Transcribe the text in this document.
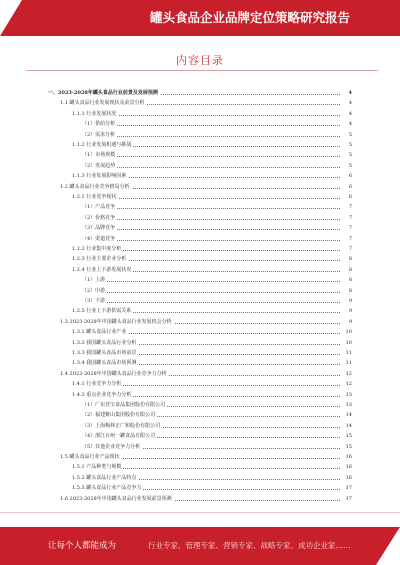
罐头食品企业品牌定位策略研究报告
内容目录
一、2023-2028年罐头食品行业前景及发展预测	4
1.1 罐头食品行业发展现状及前景分析	4
1.1.1 行业发展状况	4
（1）供给分析	4
（2）需求分析	5
1.1.2 行业发展机遇与挑战	5
（1）市场规模	5
（2）发展趋势	5
1.1.3 行业发展影响因素	6
1.2 罐头食品行业竞争格局分析	6
1.2.1 行业竞争现状	6
（1）产品竞争	7
（2）价格竞争	7
（3）品牌竞争	7
（4）渠道竞争	7
1.2.2 行业集中度分析	7
1.2.3 行业主要企业分析	8
1.2.4 行业上下游发展状况	8
（1）上游	8
（2）中游	8
（3）下游	9
1.2.5 行业上下游供需关系	9
1.3 2023-2028年中国罐头食品行业发展机会分析	9
1.3.1 罐头食品行业产业	10
1.3.2 我国罐头食品行业分析	10
1.3.3 我国罐头食品市场前景	11
1.3.4 我国罐头食品市场预测	11
1.4 2023-2028年中国罐头食品行业竞争力分析	12
1.4.1 行业竞争力分析	12
1.4.2 重点企业竞争力分析	13
（1）广东佳宝食品集团股份有限公司	13
（2）福建紫山集团股份有限公司	14
（3）上海梅林正广和股份有限公司	14
（4）浙江台州一罐食品有限公司	15
（5）其他企业竞争力分析	15
1.5 罐头食品行业产品现状	16
1.5.1 产品种类与规模	16
1.5.2 罐头食品行业产品特点	16
1.5.3 罐头食品行业产品竞争力	17
1.6 2023-2028年中国罐头食品行业发展前景预测	17
让每个人都能成为	行业专家、管理专家、营销专家、战略专家、成功企业家……
